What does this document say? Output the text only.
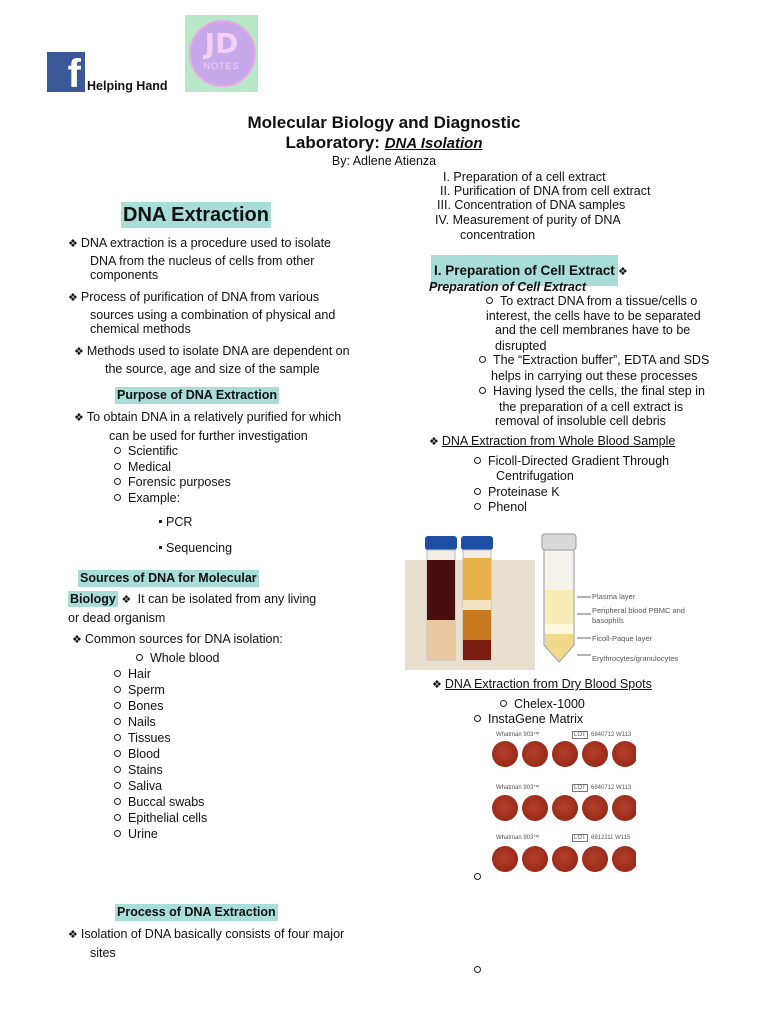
f Helping Hand
JD
NOTES
Molecular Biology and Diagnostic
Laboratory: DNA Isolation
By: Adlene Atienza
DNA Extraction
❖ DNA extraction is a procedure used to isolate
DNA from the nucleus of cells from other
components
❖ Process of purification of DNA from various
sources using a combination of physical and
chemical methods
❖ Methods used to isolate DNA are dependent on
the source, age and size of the sample
Purpose of DNA Extraction
❖ To obtain DNA in a relatively purified for which
can be used for further investigation
Scientific
Medical
Forensic purposes
Example:
PCR
Sequencing
Sources of DNA for Molecular
Biology ❖ It can be isolated from any living
or dead organism
❖ Common sources for DNA isolation:
Whole blood
Hair
Sperm
Bones
Nails
Tissues
Blood
Stains
Saliva
Buccal swabs
Epithelial cells
Urine
Process of DNA Extraction
❖ Isolation of DNA basically consists of four major
sites
I. Preparation of a cell extract
II. Purification of DNA from cell extract
III. Concentration of DNA samples
IV. Measurement of purity of DNA
concentration
I. Preparation of Cell Extract ❖
Preparation of Cell Extract
To extract DNA from a tissue/cells o
interest, the cells have to be separated
and the cell membranes have to be
disrupted
The “Extraction buffer”, EDTA and SDS
helps in carrying out these processes
Having lysed the cells, the final step in
the preparation of a cell extract is
removal of insoluble cell debris
❖ DNA Extraction from Whole Blood Sample
Ficoll-Directed Gradient Through
Centrifugation
Proteinase K
Phenol
Plasma layer
Peripheral blood PBMC and
basophils
Ficoll-Paque layer
Erythrocytes/granulocytes
❖ DNA Extraction from Dry Blood Spots
Chelex-1000
InstaGene Matrix
Whatman 903™	LOT 6840712 W113
Whatman 903™	LOT 6840712 W113
Whatman 903™	LOT 6912111 W115
